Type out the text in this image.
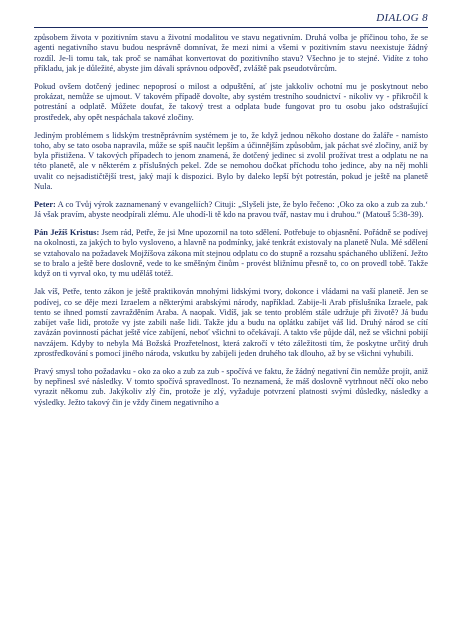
DIALOG 8

způsobem života v pozitivním stavu a životní modalitou ve stavu negativním. Druhá volba je příčinou toho, že se agenti negativního stavu budou nesprávně domnívat, že mezi nimi a všemi v pozitivním stavu neexistuje žádný rozdíl. Je-li tomu tak, tak proč se namáhat konvertovat do pozitivního stavu? Všechno je to stejné. Vidíte z toho příkladu, jak je důležité, abyste jim dávali správnou odpověď, zvláště pak pseudotvůrcům.

Pokud ovšem dotčený jedinec nepoprosí o milost a odpuštění, ať jste jakkoliv ochotní mu je poskytnout nebo prokázat, nemůže se ujmout. V takovém případě dovolte, aby systém trestního soudnictví - nikoliv vy - přikročil k potrestání a odplatě. Můžete doufat, že takový trest a odplata bude fungovat pro tu osobu jako odstrašující prostředek, aby opět nespáchala takové zločiny.

Jediným problémem s lidským trestněprávním systémem je to, že když jednou někoho dostane do žaláře - namísto toho, aby se tato osoba napravila, může se spíš naučit lepším a účinnějším způsobům, jak páchat své zločiny, aniž by byla přistižena. V takových případech to jenom znamená, že dotčený jedinec si zvolil prožívat trest a odplatu ne na této planetě, ale v některém z příslušných pekel. Zde se nemohou dočkat příchodu toho jedince, aby na něj mohli uvalit co nejsadističtější trest, jaký mají k dispozici. Bylo by daleko lepší být potrestán, pokud je ještě na planetě Nula.

Peter: A co Tvůj výrok zaznamenaný v evangeliích? Cituji: „Slyšeli jste, že bylo řečeno: ‚Oko za oko a zub za zub.‘ Já však pravím, abyste neodpírali zlému. Ale uhodí-li tě kdo na pravou tvář, nastav mu i druhou.“ (Matouš 5:38-39).

Pán Ježíš Kristus: Jsem rád, Petře, že jsi Mne upozornil na toto sdělení. Potřebuje to objasnění. Pořádně se podívej na okolnosti, za jakých to bylo vysloveno, a hlavně na podmínky, jaké tenkrát existovaly na planetě Nula. Mé sdělení se vztahovalo na požadavek Mojžíšova zákona mít stejnou odplatu co do stupně a rozsahu spáchaného ublížení. Ježto se to bralo a ještě bere doslovně, vede to ke směšným činům - provést bližnímu přesně to, co on provedl tobě. Takže když on ti vyrval oko, ty mu uděláš totéž.

Jak víš, Petře, tento zákon je ještě praktikován mnohými lidskými tvory, dokonce i vládami na vaší planetě. Jen se podívej, co se děje mezi Izraelem a některými arabskými národy, například. Zabije-li Arab příslušníka Izraele, pak tento se ihned pomstí zavražděním Araba. A naopak. Vidíš, jak se tento problém stále udržuje při životě? Já budu zabíjet vaše lidi, protože vy jste zabili naše lidi. Takže jdu a budu na oplátku zabíjet váš lid. Druhý národ se cítí zavázán povinností páchat ještě více zabíjení, neboť všichni to očekávají. A takto vše půjde dál, než se všichni pobijí navzájem. Kdyby to nebyla Má Božská Prozřetelnost, která zakročí v této záležitosti tím, že poskytne určitý druh zprostředkování s pomocí jiného národa, vskutku by zabíjeli jeden druhého tak dlouho, až by se všichni vyhubili.

Pravý smysl toho požadavku - oko za oko a zub za zub - spočívá ve faktu, že žádný negativní čin nemůže projít, aniž by nepřinesl své následky. V tomto spočívá spravedlnost. To neznamená, že máš doslovně vytrhnout něčí oko nebo vyrazit někomu zub. Jakýkoliv zlý čin, protože je zlý, vyžaduje potvrzení platnosti svými důsledky, následky a výsledky. Ježto takový čin je vždy činem negativního a
